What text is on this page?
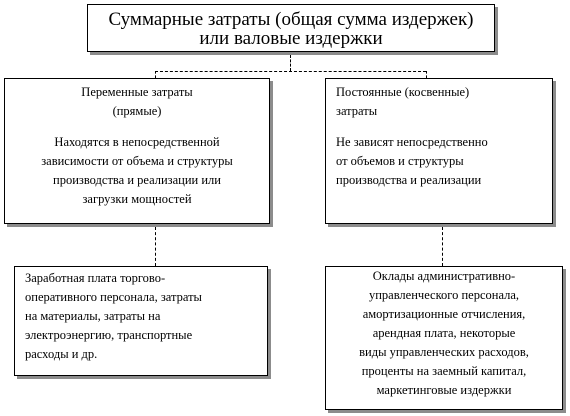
Суммарные затраты (общая сумма издержек)
или валовые издержки
Переменные затраты
(прямые)
Находятся в непосредственной
зависимости от объема и структуры
производства и реализации или
загрузки мощностей
Постоянные (косвенные)
затраты
Не зависят непосредственно
от объемов и структуры
производства и реализации
Заработная плата торгово-
оперативного персонала, затраты
на материалы, затраты на
электроэнергию, транспортные
расходы и др.
Оклады административно-
управленческого персонала,
амортизационные отчисления,
арендная плата, некоторые
виды управленческих расходов,
проценты на заемный капитал,
маркетинговые издержки
